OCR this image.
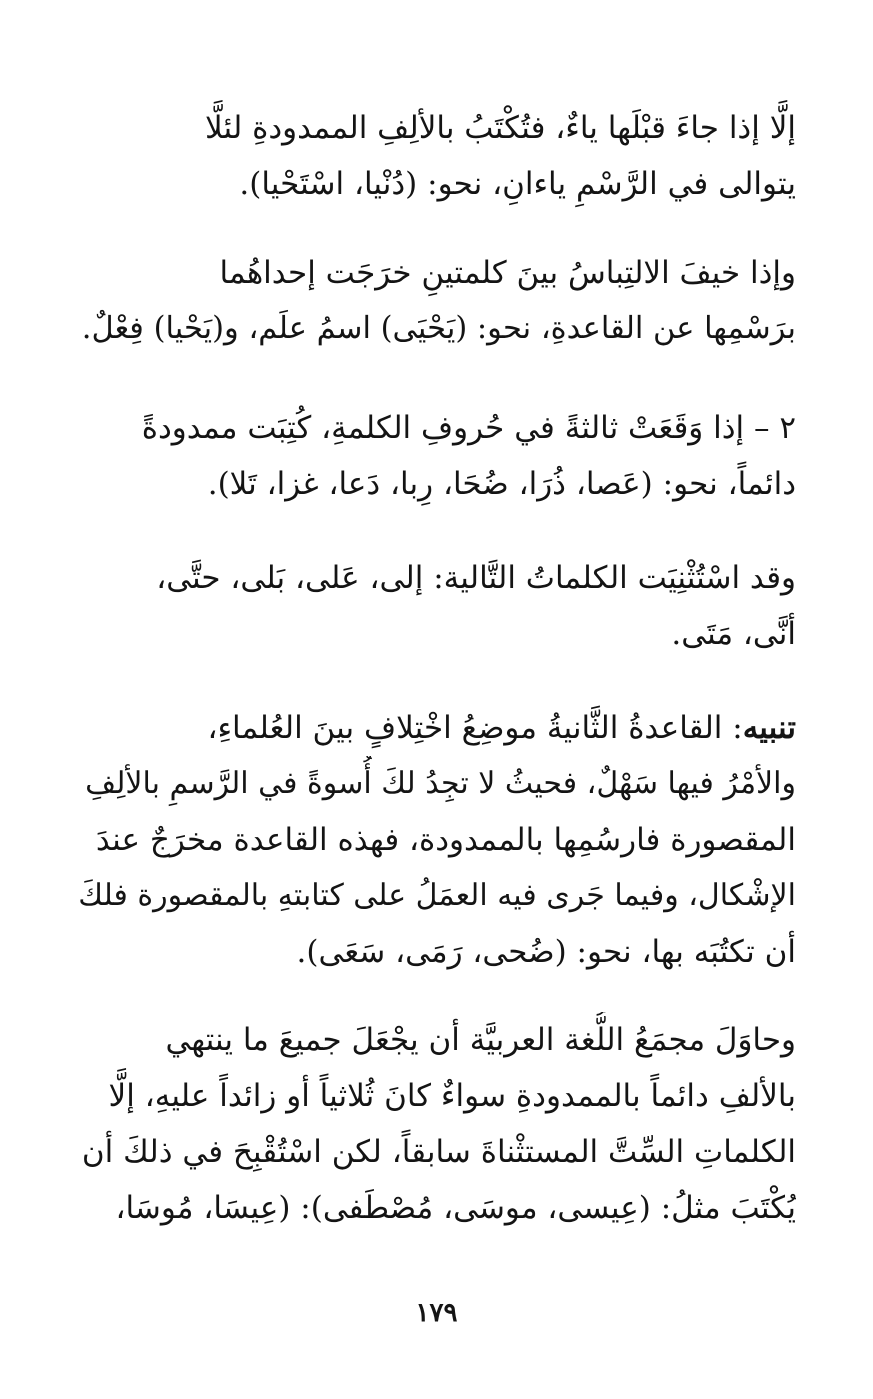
إلَّا إذا جاءَ قبْلَها ياءٌ، فتُكْتَبُ بالألِفِ الممدودةِ لئلَّا
يتوالى في الرَّسْمِ ياءانِ، نحو: (دُنْيا، اسْتَحْيا).

وإذا خيفَ الالتِباسُ بينَ كلمتينِ خرَجَت إحداهُما
برَسْمِها عن القاعدةِ، نحو: (يَحْيَى) اسمُ علَم، و(يَحْيا) فِعْلٌ.

٢ – إذا وَقَعَتْ ثالثةً في حُروفِ الكلمةِ، كُتِبَت ممدودةً
دائماً، نحو: (عَصا، ذُرَا، ضُحَا، رِبا، دَعا، غزا، تَلا).

وقد اسْتُثْنِيَت الكلماتُ التَّالية: إلى، عَلى، بَلى، حتَّى،
أنَّى، مَتَى.

تنبيه: القاعدةُ الثَّانيةُ موضِعُ اخْتِلافٍ بينَ العُلماءِ،
والأمْرُ فيها سَهْلٌ، فحيثُ لا تجِدُ لكَ أُسوةً في الرَّسمِ بالألِفِ
المقصورة فارسُمِها بالممدودة، فهذه القاعدة مخرَجٌ عندَ
الإشْكال، وفيما جَرى فيه العمَلُ على كتابتهِ بالمقصورة فلكَ
أن تكتُبَه بها، نحو: (ضُحى، رَمَى، سَعَى).

وحاوَلَ مجمَعُ اللُّغة العربيَّة أن يجْعَلَ جميعَ ما ينتهي
بالألفِ دائماً بالممدودةِ سواءٌ كانَ ثُلاثياً أو زائداً عليهِ، إلَّا
الكلماتِ السِّتَّ المستثْناةَ سابقاً، لكن اسْتُقْبِحَ في ذلكَ أن
يُكْتَبَ مثلُ: (عِيسى، موسَى، مُصْطَفى): (عِيسَا، مُوسَا،

١٧٩
